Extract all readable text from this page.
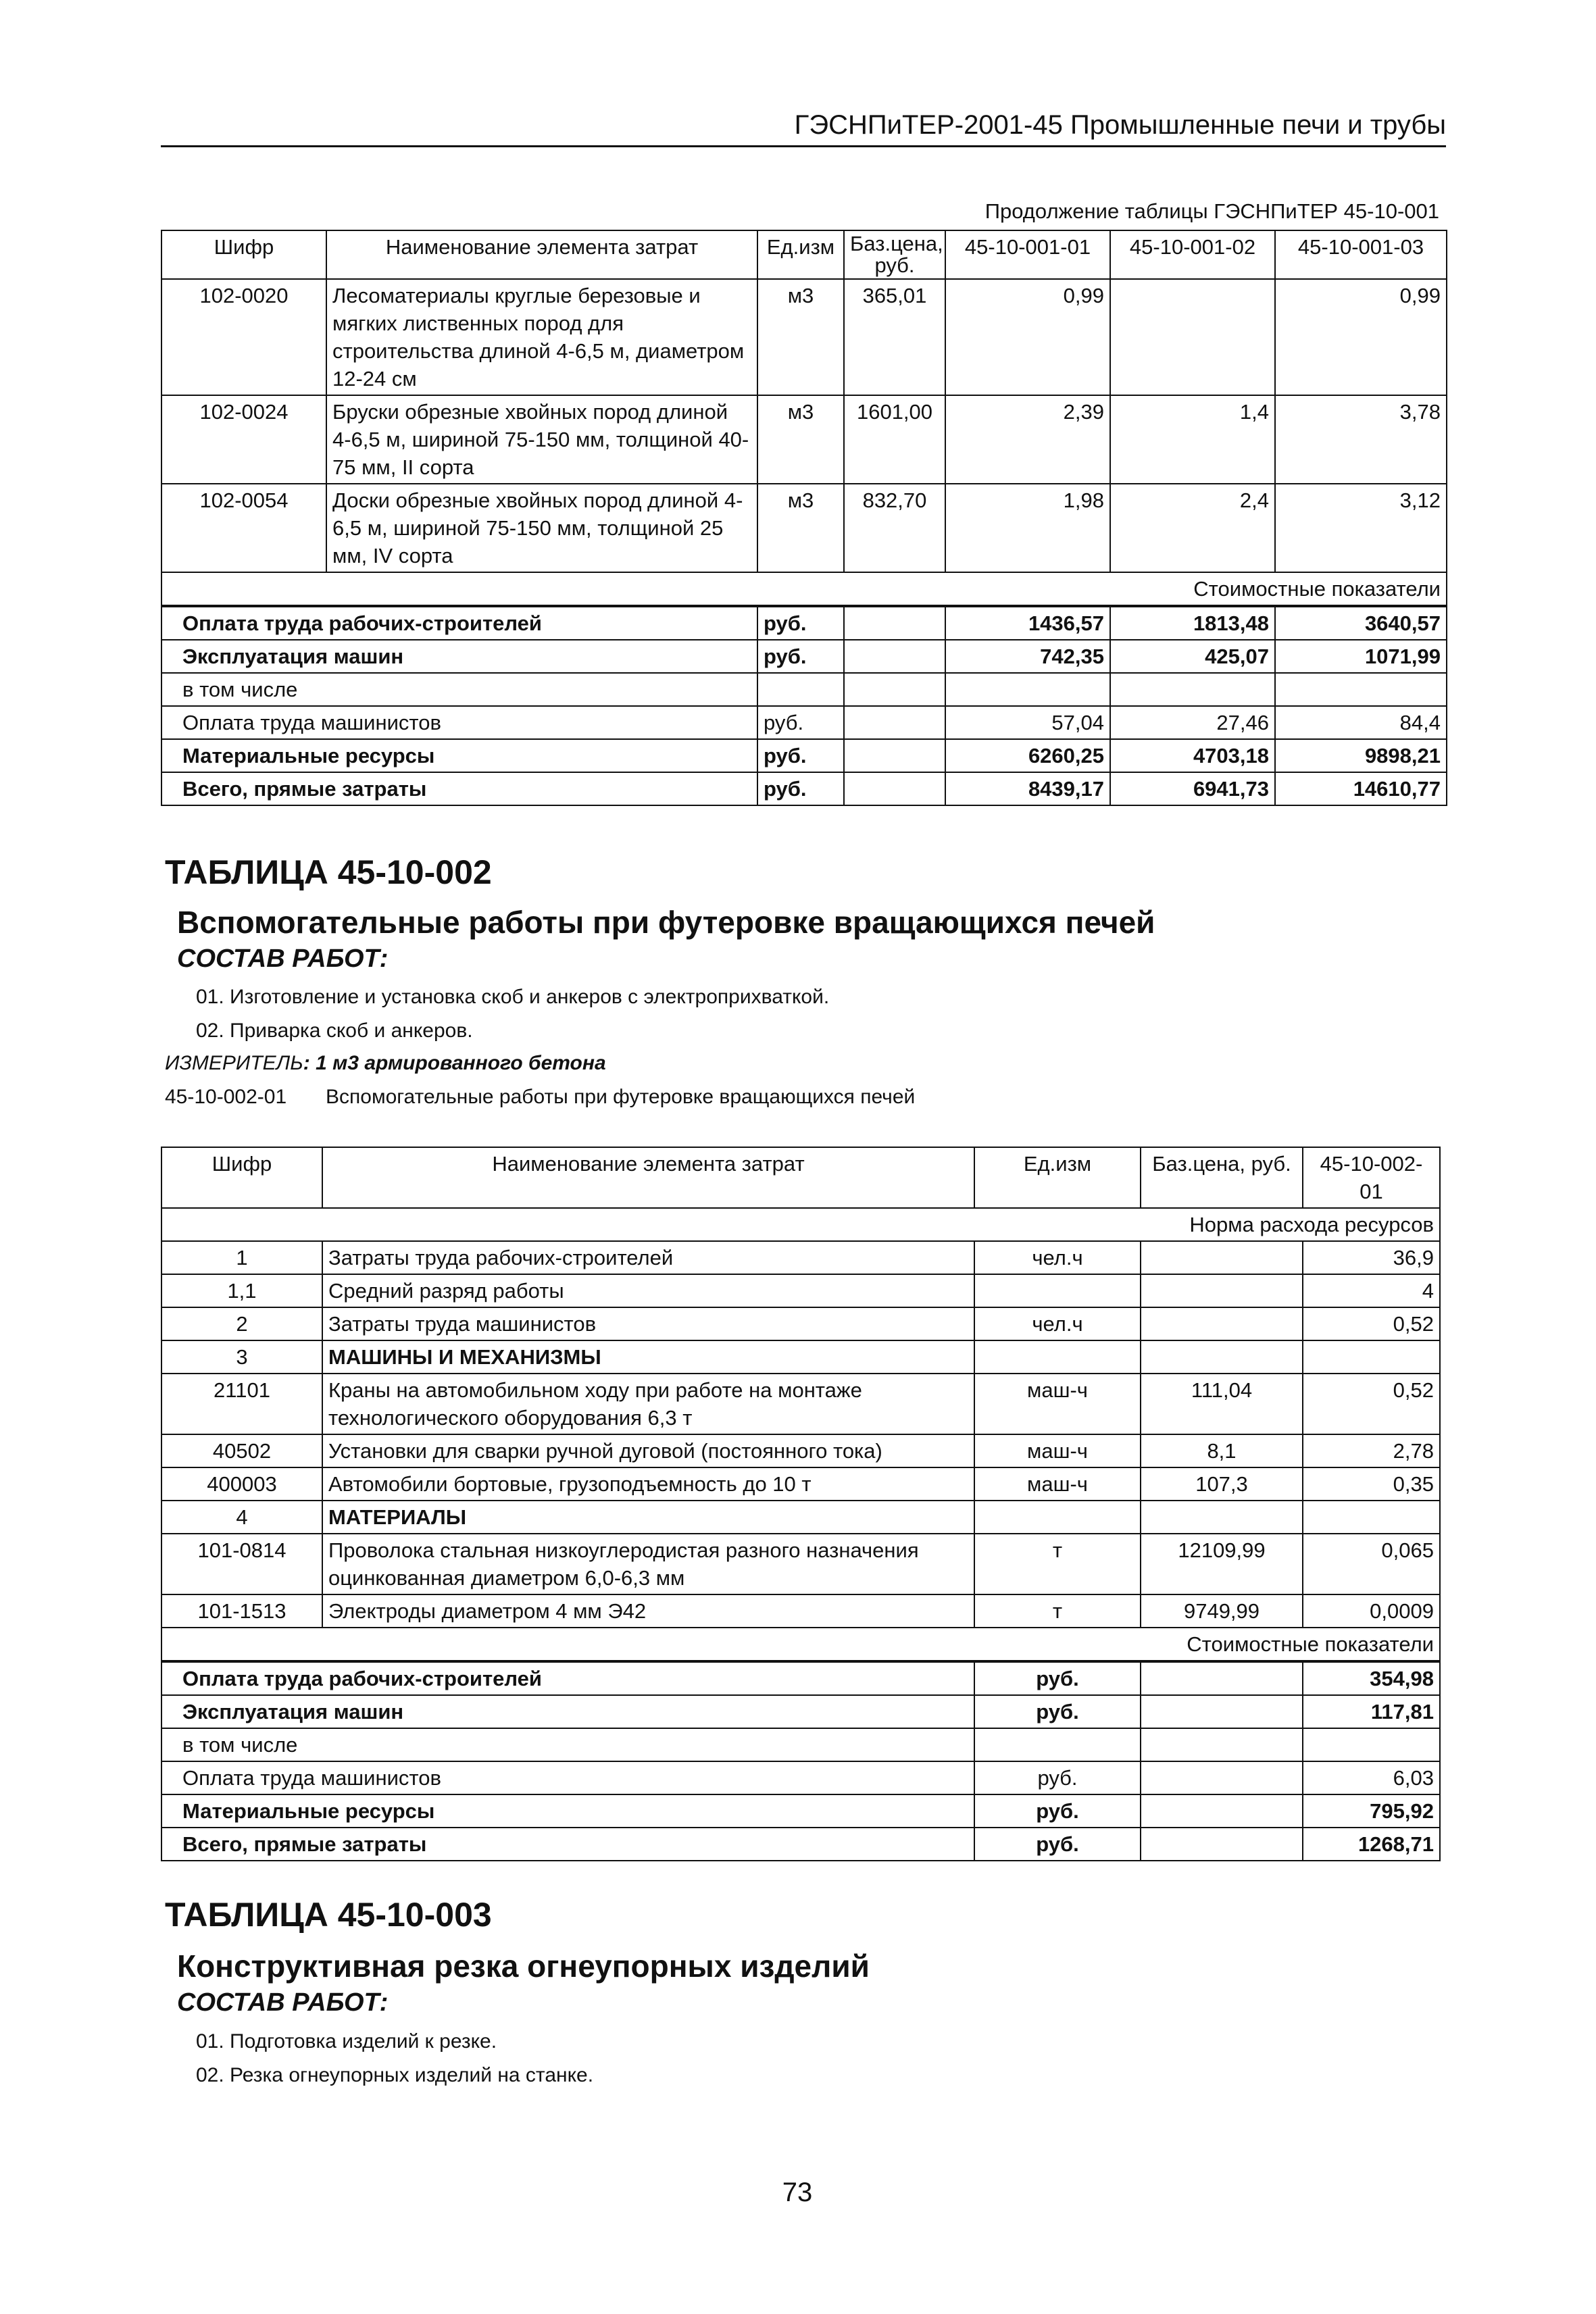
ГЭСНПиТЕР-2001-45 Промышленные печи и трубы
Продолжение таблицы ГЭСНПиТЕР 45-10-001
Шифр	Наименование элемента затрат	Ед.изм	Баз.цена, руб.	45-10-001-01	45-10-001-02	45-10-001-03
102-0020	Лесоматериалы круглые березовые и мягких лиственных пород для строительства длиной 4-6,5 м, диаметром 12-24 см	м3	365,01	0,99		0,99
102-0024	Бруски обрезные хвойных пород длиной 4-6,5 м, шириной 75-150 мм, толщиной 40-75 мм, II сорта	м3	1601,00	2,39	1,4	3,78
102-0054	Доски обрезные хвойных пород длиной 4-6,5 м, шириной 75-150 мм, толщиной 25 мм, IV сорта	м3	832,70	1,98	2,4	3,12
Стоимостные показатели						
Оплата труда рабочих-строителей		руб.		1436,57	1813,48	3640,57
Эксплуатация машин		руб.		742,35	425,07	1071,99
в том числе						
Оплата труда машинистов		руб.		57,04	27,46	84,4
Материальные ресурсы		руб.		6260,25	4703,18	9898,21
Всего, прямые затраты		руб.		8439,17	6941,73	14610,77
ТАБЛИЦА 45-10-002
Вспомогательные работы при футеровке вращающихся печей
СОСТАВ РАБОТ:
01. Изготовление и установка скоб и анкеров с электроприхваткой.
02. Приварка скоб и анкеров.
ИЗМЕРИТЕЛЬ: 1 м3 армированного бетона
45-10-002-01 Вспомогательные работы при футеровке вращающихся печей
Шифр	Наименование элемента затрат	Ед.изм	Баз.цена, руб.	45-10-002-01
Норма расхода ресурсов				
1	Затраты труда рабочих-строителей	чел.ч		36,9
1,1	Средний разряд работы			4
2	Затраты труда машинистов	чел.ч		0,52
3	МАШИНЫ И МЕХАНИЗМЫ			
21101	Краны на автомобильном ходу при работе на монтаже технологического оборудования 6,3 т	маш-ч	111,04	0,52
40502	Установки для сварки ручной дуговой (постоянного тока)	маш-ч	8,1	2,78
400003	Автомобили бортовые, грузоподъемность до 10 т	маш-ч	107,3	0,35
4	МАТЕРИАЛЫ			
101-0814	Проволока стальная низкоуглеродистая разного назначения оцинкованная диаметром 6,0-6,3 мм	т	12109,99	0,065
101-1513	Электроды диаметром 4 мм Э42	т	9749,99	0,0009
Стоимостные показатели				
Оплата труда рабочих-строителей		руб.		354,98
Эксплуатация машин		руб.		117,81
в том числе				
Оплата труда машинистов		руб.		6,03
Материальные ресурсы		руб.		795,92
Всего, прямые затраты		руб.		1268,71
ТАБЛИЦА 45-10-003
Конструктивная резка огнеупорных изделий
СОСТАВ РАБОТ:
01. Подготовка изделий к резке.
02. Резка огнеупорных изделий на станке.
73
